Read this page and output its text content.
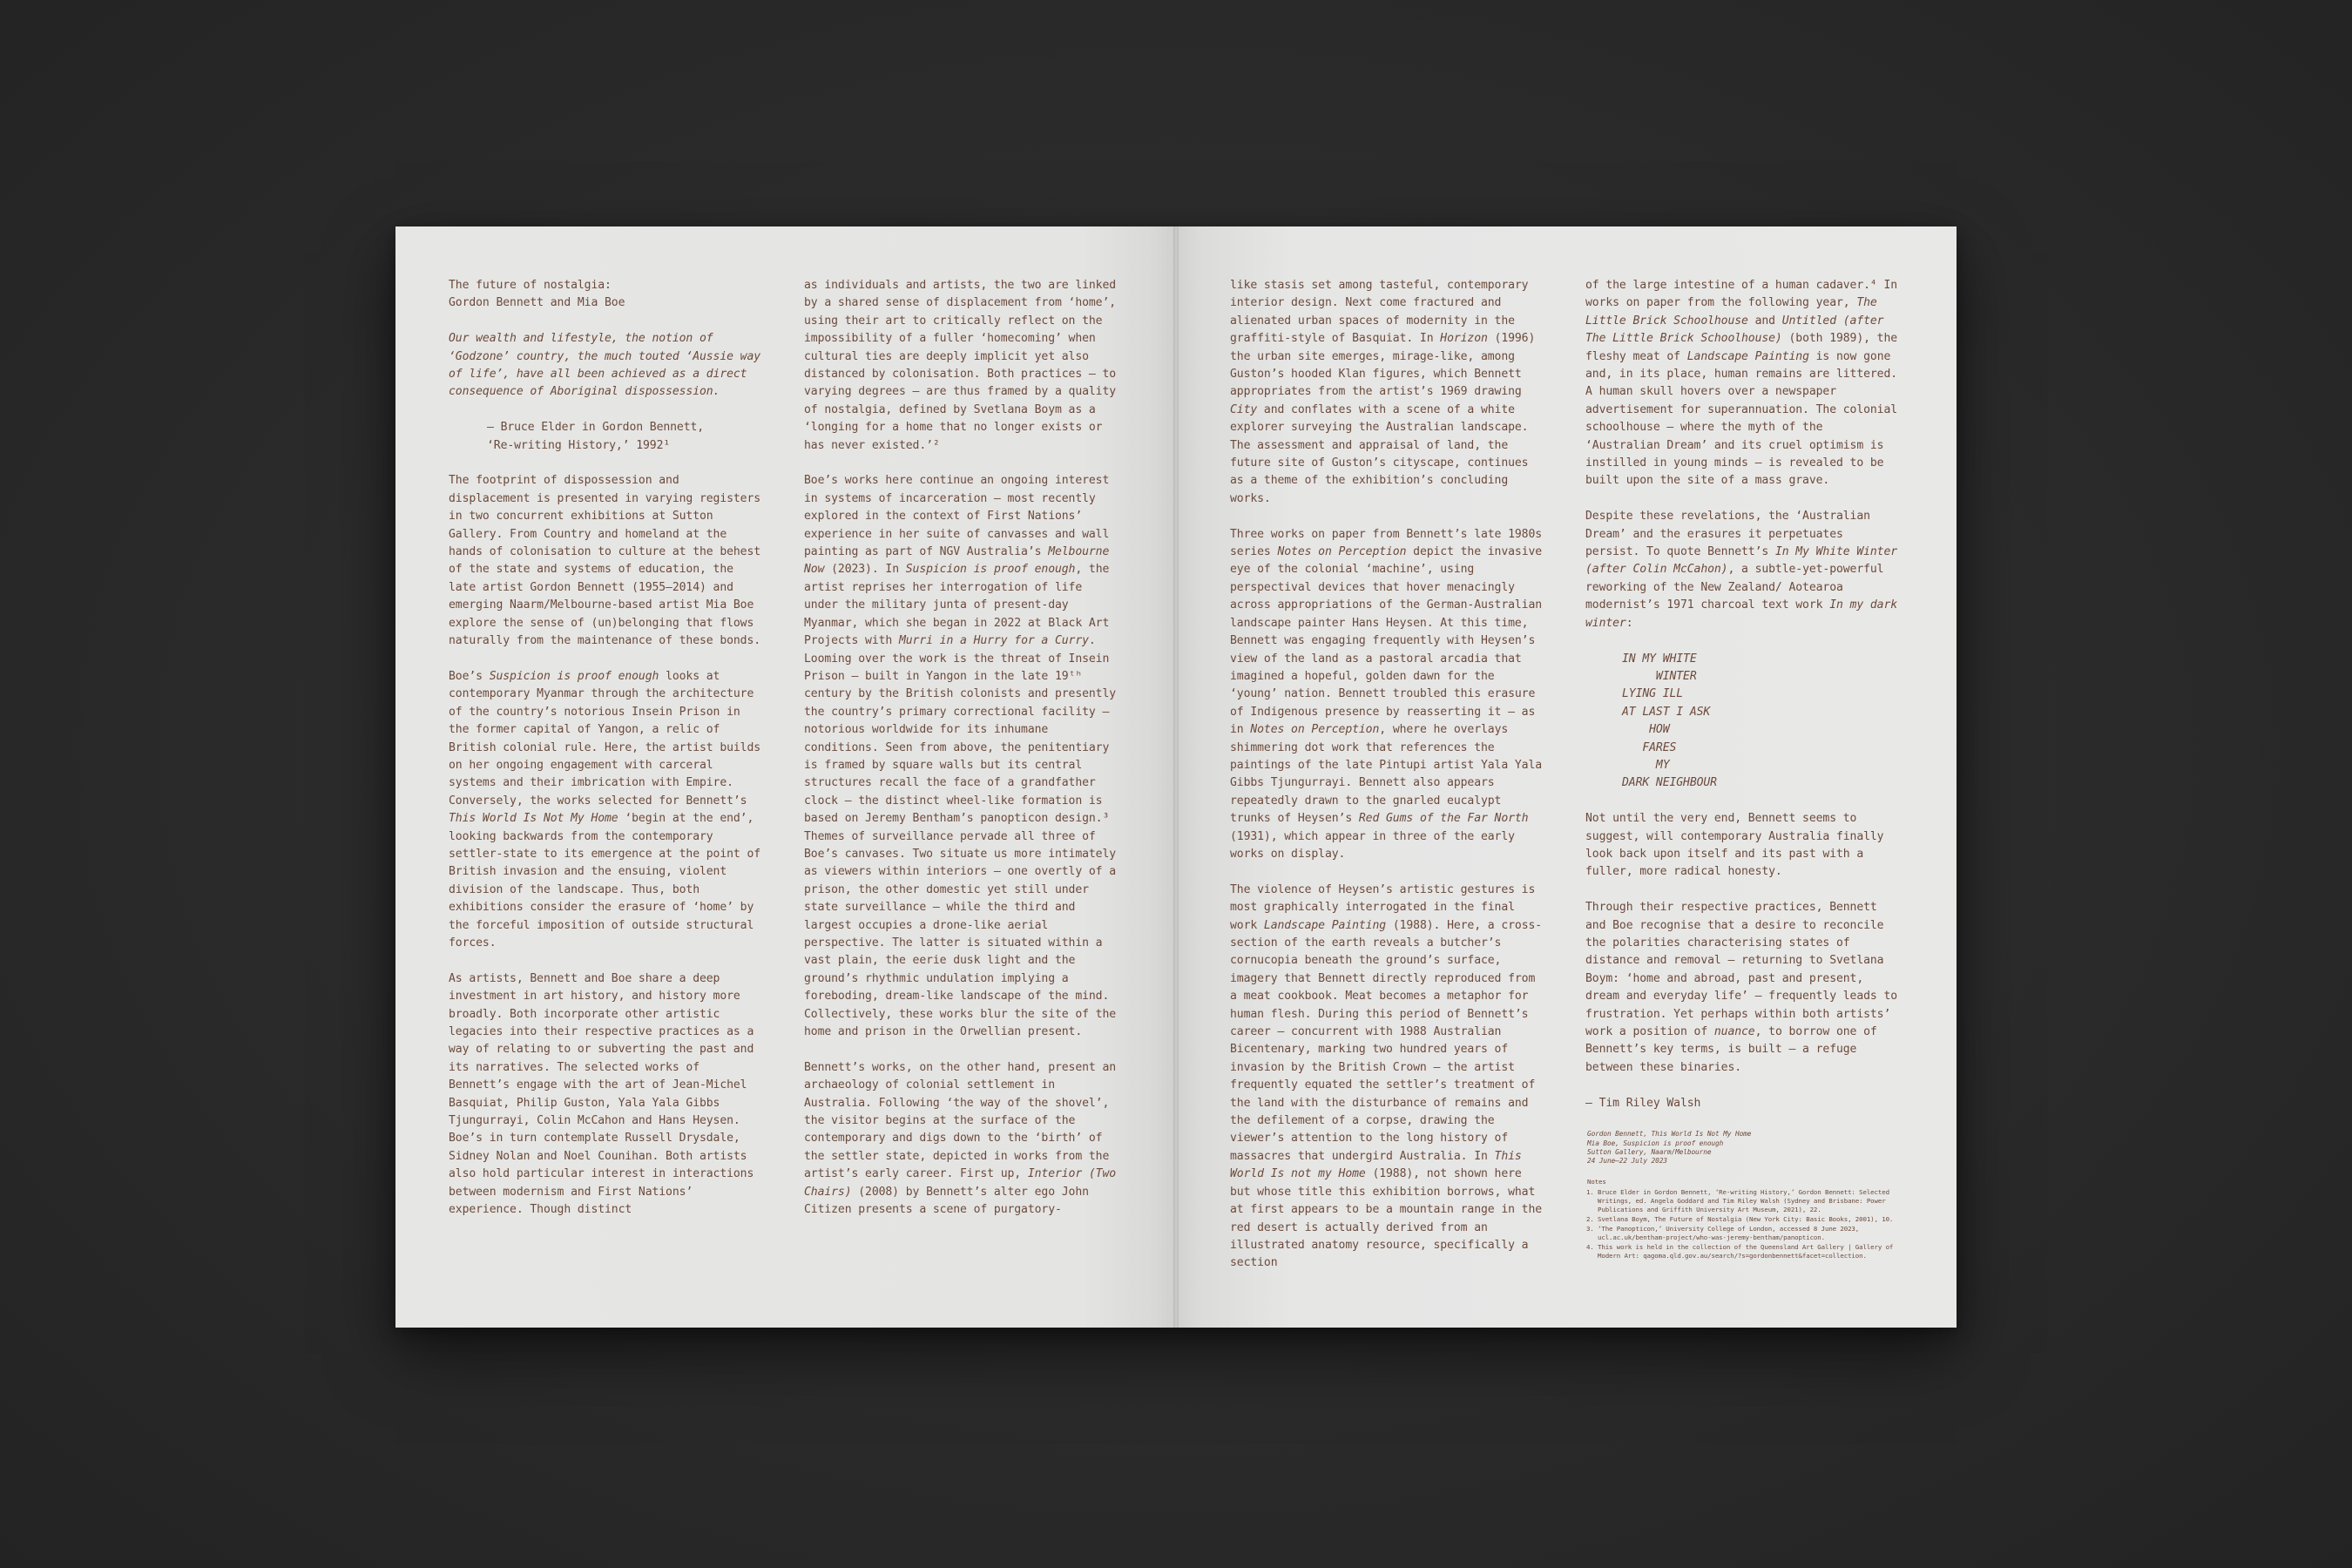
The future of nostalgia:
Gordon Bennett and Mia Boe

Our wealth and lifestyle, the notion of ‘Godzone’ country, the much touted ‘Aussie way of life’, have all been achieved as a direct consequence of Aboriginal dispossession.

— Bruce Elder in Gordon Bennett,
‘Re-writing History,’ 1992¹

The footprint of dispossession and displacement is presented in varying registers in two concurrent exhibitions at Sutton Gallery. From Country and homeland at the hands of colonisation to culture at the behest of the state and systems of education, the late artist Gordon Bennett (1955–2014) and emerging Naarm/Melbourne-based artist Mia Boe explore the sense of (un)belonging that flows naturally from the maintenance of these bonds.

Boe’s Suspicion is proof enough looks at contemporary Myanmar through the architecture of the country’s notorious Insein Prison in the former capital of Yangon, a relic of British colonial rule. Here, the artist builds on her ongoing engagement with carceral systems and their imbrication with Empire. Conversely, the works selected for Bennett’s This World Is Not My Home ‘begin at the end’, looking backwards from the contemporary settler-state to its emergence at the point of British invasion and the ensuing, violent division of the landscape. Thus, both exhibitions consider the erasure of ‘home’ by the forceful imposition of outside structural forces.

As artists, Bennett and Boe share a deep investment in art history, and history more broadly. Both incorporate other artistic legacies into their respective practices as a way of relating to or subverting the past and its narratives. The selected works of Bennett’s engage with the art of Jean-Michel Basquiat, Philip Guston, Yala Yala Gibbs Tjungurrayi, Colin McCahon and Hans Heysen. Boe’s in turn contemplate Russell Drysdale, Sidney Nolan and Noel Counihan. Both artists also hold particular interest in interactions between modernism and First Nations’ experience. Though distinct

as individuals and artists, the two are linked by a shared sense of displacement from ‘home’, using their art to critically reflect on the impossibility of a fuller ‘homecoming’ when cultural ties are deeply implicit yet also distanced by colonisation. Both practices — to varying degrees — are thus framed by a quality of nostalgia, defined by Svetlana Boym as a ‘longing for a home that no longer exists or has never existed.’²

Boe’s works here continue an ongoing interest in systems of incarceration — most recently explored in the context of First Nations’ experience in her suite of canvasses and wall painting as part of NGV Australia’s Melbourne Now (2023). In Suspicion is proof enough, the artist reprises her interrogation of life under the military junta of present-day Myanmar, which she began in 2022 at Black Art Projects with Murri in a Hurry for a Curry. Looming over the work is the threat of Insein Prison — built in Yangon in the late 19ᵗʰ century by the British colonists and presently the country’s primary correctional facility — notorious worldwide for its inhumane conditions. Seen from above, the penitentiary is framed by square walls but its central structures recall the face of a grandfather clock — the distinct wheel-like formation is based on Jeremy Bentham’s panopticon design.³ Themes of surveillance pervade all three of Boe’s canvases. Two situate us more intimately as viewers within interiors — one overtly of a prison, the other domestic yet still under state surveillance — while the third and largest occupies a drone-like aerial perspective. The latter is situated within a vast plain, the eerie dusk light and the ground’s rhythmic undulation implying a foreboding, dream-like landscape of the mind. Collectively, these works blur the site of the home and prison in the Orwellian present.

Bennett’s works, on the other hand, present an archaeology of colonial settlement in Australia. Following ‘the way of the shovel’, the visitor begins at the surface of the contemporary and digs down to the ‘birth’ of the settler state, depicted in works from the artist’s early career. First up, Interior (Two Chairs) (2008) by Bennett’s alter ego John Citizen presents a scene of purgatory-

like stasis set among tasteful, contemporary interior design. Next come fractured and alienated urban spaces of modernity in the graffiti-style of Basquiat. In Horizon (1996) the urban site emerges, mirage-like, among Guston’s hooded Klan figures, which Bennett appropriates from the artist’s 1969 drawing City and conflates with a scene of a white explorer surveying the Australian landscape. The assessment and appraisal of land, the future site of Guston’s cityscape, continues as a theme of the exhibition’s concluding works.

Three works on paper from Bennett’s late 1980s series Notes on Perception depict the invasive eye of the colonial ‘machine’, using perspectival devices that hover menacingly across appropriations of the German-Australian landscape painter Hans Heysen. At this time, Bennett was engaging frequently with Heysen’s view of the land as a pastoral arcadia that imagined a hopeful, golden dawn for the ‘young’ nation. Bennett troubled this erasure of Indigenous presence by reasserting it — as in Notes on Perception, where he overlays shimmering dot work that references the paintings of the late Pintupi artist Yala Yala Gibbs Tjungurrayi. Bennett also appears repeatedly drawn to the gnarled eucalypt trunks of Heysen’s Red Gums of the Far North (1931), which appear in three of the early works on display.

The violence of Heysen’s artistic gestures is most graphically interrogated in the final work Landscape Painting (1988). Here, a cross-section of the earth reveals a butcher’s cornucopia beneath the ground’s surface, imagery that Bennett directly reproduced from a meat cookbook. Meat becomes a metaphor for human flesh. During this period of Bennett’s career — concurrent with 1988 Australian Bicentenary, marking two hundred years of invasion by the British Crown — the artist frequently equated the settler’s treatment of the land with the disturbance of remains and the defilement of a corpse, drawing the viewer’s attention to the long history of massacres that undergird Australia. In This World Is not my Home (1988), not shown here but whose title this exhibition borrows, what at first appears to be a mountain range in the red desert is actually derived from an illustrated anatomy resource, specifically a section

of the large intestine of a human cadaver.⁴ In works on paper from the following year, The Little Brick Schoolhouse and Untitled (after The Little Brick Schoolhouse) (both 1989), the fleshy meat of Landscape Painting is now gone and, in its place, human remains are littered. A human skull hovers over a newspaper advertisement for superannuation. The colonial schoolhouse — where the myth of the ‘Australian Dream’ and its cruel optimism is instilled in young minds — is revealed to be built upon the site of a mass grave.

Despite these revelations, the ‘Australian Dream’ and the erasures it perpetuates persist. To quote Bennett’s In My White Winter (after Colin McCahon), a subtle-yet-powerful reworking of the New Zealand/ Aotearoa modernist’s 1971 charcoal text work In my dark winter:

IN MY WHITE
WINTER
LYING ILL
AT LAST I ASK
HOW
FARES
MY
DARK NEIGHBOUR

Not until the very end, Bennett seems to suggest, will contemporary Australia finally look back upon itself and its past with a fuller, more radical honesty.

Through their respective practices, Bennett and Boe recognise that a desire to reconcile the polarities characterising states of distance and removal — returning to Svetlana Boym: ‘home and abroad, past and present, dream and everyday life’ — frequently leads to frustration. Yet perhaps within both artists’ work a position of nuance, to borrow one of Bennett’s key terms, is built — a refuge between these binaries.

— Tim Riley Walsh

Gordon Bennett, This World Is Not My Home
Mia Boe, Suspicion is proof enough
Sutton Gallery, Naarm/Melbourne
24 June–22 July 2023
Notes
1. Bruce Elder in Gordon Bennett, ‘Re-writing History,’ Gordon Bennett: Selected Writings, ed. Angela Goddard and Tim Riley Walsh (Sydney and Brisbane: Power Publications and Griffith University Art Museum, 2021), 22.
2. Svetlana Boym, The Future of Nostalgia (New York City: Basic Books, 2001), 10.
3. ‘The Panopticon,’ University College of London, accessed 8 June 2023, ucl.ac.uk/bentham-project/who-was-jeremy-bentham/panopticon.
4. This work is held in the collection of the Queensland Art Gallery | Gallery of Modern Art: qagoma.qld.gov.au/search/?s=gordonbennett&facet=collection.
